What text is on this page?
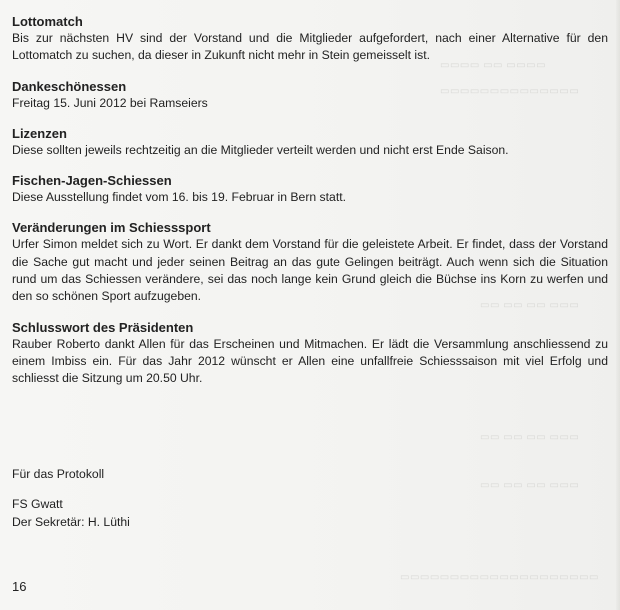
▭▭▭▭ ▭▭ ▭▭▭▭
▭▭▭▭▭▭▭▭▭▭▭▭▭▭
▭▭ ▭▭ ▭▭ ▭▭▭
▭▭ ▭▭ ▭▭ ▭▭▭
▭▭ ▭▭ ▭▭ ▭▭▭
▭▭▭▭▭▭▭▭▭▭▭▭▭▭▭▭▭▭▭▭

Lottomatch

Bis zur nächsten HV sind der Vorstand und die Mitglieder aufgefordert, nach einer Alternative für den Lottomatch zu suchen, da dieser in Zukunft nicht mehr in Stein gemeisselt ist.

Dankeschönessen

Freitag 15. Juni 2012 bei Ramseiers

Lizenzen

Diese sollten jeweils rechtzeitig an die Mitglieder verteilt werden und nicht erst Ende Saison.

Fischen-Jagen-Schiessen

Diese Ausstellung findet vom 16. bis 19. Februar in Bern statt.

Veränderungen im Schiesssport

Urfer Simon meldet sich zu Wort. Er dankt dem Vorstand für die geleistete Arbeit. Er findet, dass der Vorstand die Sache gut macht und jeder seinen Beitrag an das gute Gelingen beiträgt. Auch wenn sich die Situation rund um das Schiessen verändere, sei das noch lange kein Grund gleich die Büchse ins Korn zu werfen und den so schönen Sport aufzugeben.

Schlusswort des Präsidenten

Rauber Roberto dankt Allen für das Erscheinen und Mitmachen. Er lädt die Versammlung anschliessend zu einem Imbiss ein. Für das Jahr 2012 wünscht er Allen eine unfallfreie Schiesssaison mit viel Erfolg und schliesst die Sitzung um 20.50 Uhr.

Für das Protokoll
FS Gwatt
Der Sekretär: H. Lüthi
16
